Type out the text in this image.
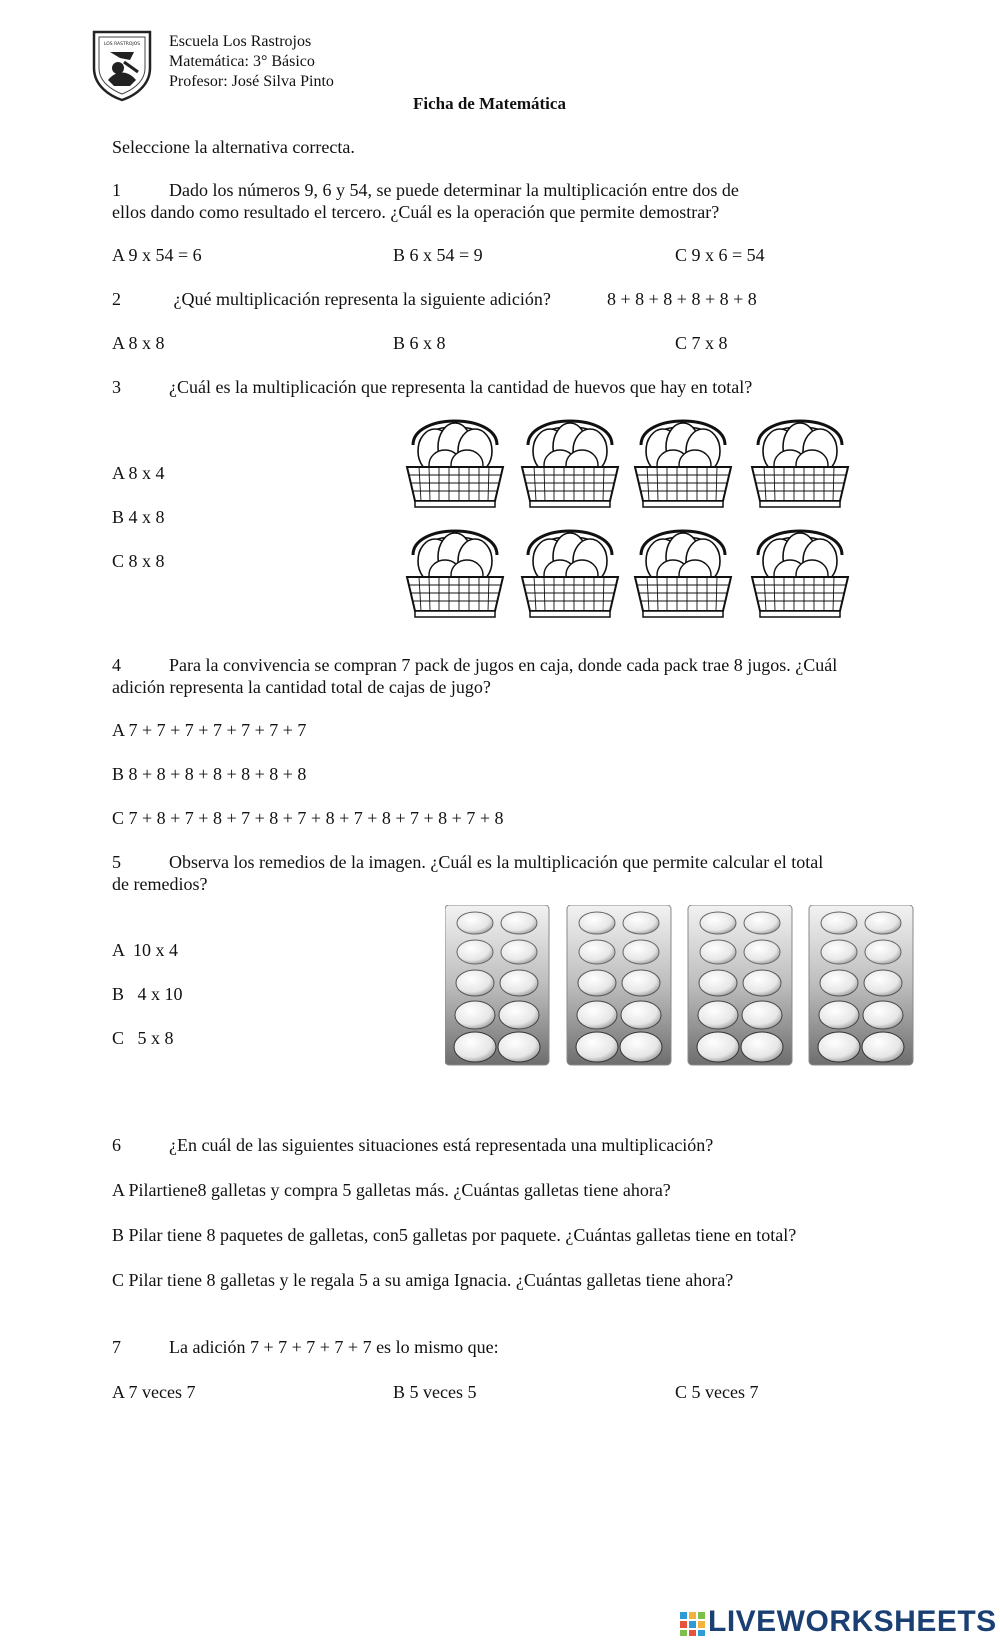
LOS RASTROJOS Escuela Los Rastrojos
Matemática: 3° Básico
Profesor: José Silva Pinto
Ficha de Matemática
Seleccione la alternativa correcta.
1	Dado los números 9, 6 y 54, se puede determinar la multiplicación entre dos de
ellos dando como resultado el tercero. ¿Cuál es la operación que permite demostrar?
A 9 x 54 = 6	B 6 x 54 = 9	C 9 x 6 = 54
2	¿Qué multiplicación representa la siguiente adición?	8 + 8 + 8 + 8 + 8 + 8
A 8 x 8	B 6 x 8	C 7 x 8
3	¿Cuál es la multiplicación que representa la cantidad de huevos que hay en total?
A 8 x 4
B 4 x 8
C 8 x 8
4	Para la convivencia se compran 7 pack de jugos en caja, donde cada pack trae 8 jugos. ¿Cuál
adición representa la cantidad total de cajas de jugo?
A 7 + 7 + 7 + 7 + 7 + 7 + 7
B 8 + 8 + 8 + 8 + 8 + 8 + 8
C 7 + 8 + 7 + 8 + 7 + 8 + 7 + 8 + 7 + 8 + 7 + 8 + 7 + 8
5	Observa los remedios de la imagen. ¿Cuál es la multiplicación que permite calcular el total
de remedios?
A  10 x 4
B   4 x 10
C   5 x 8
6	¿En cuál de las siguientes situaciones está representada una multiplicación?
A Pilartiene8 galletas y compra 5 galletas más. ¿Cuántas galletas tiene ahora?
B Pilar tiene 8 paquetes de galletas, con5 galletas por paquete. ¿Cuántas galletas tiene en total?
C Pilar tiene 8 galletas y le regala 5 a su amiga Ignacia. ¿Cuántas galletas tiene ahora?
7	La adición 7 + 7 + 7 + 7 + 7 es lo mismo que:
A 7 veces 7	B 5 veces 5	C 5 veces 7
LIVEWORKSHEETS
